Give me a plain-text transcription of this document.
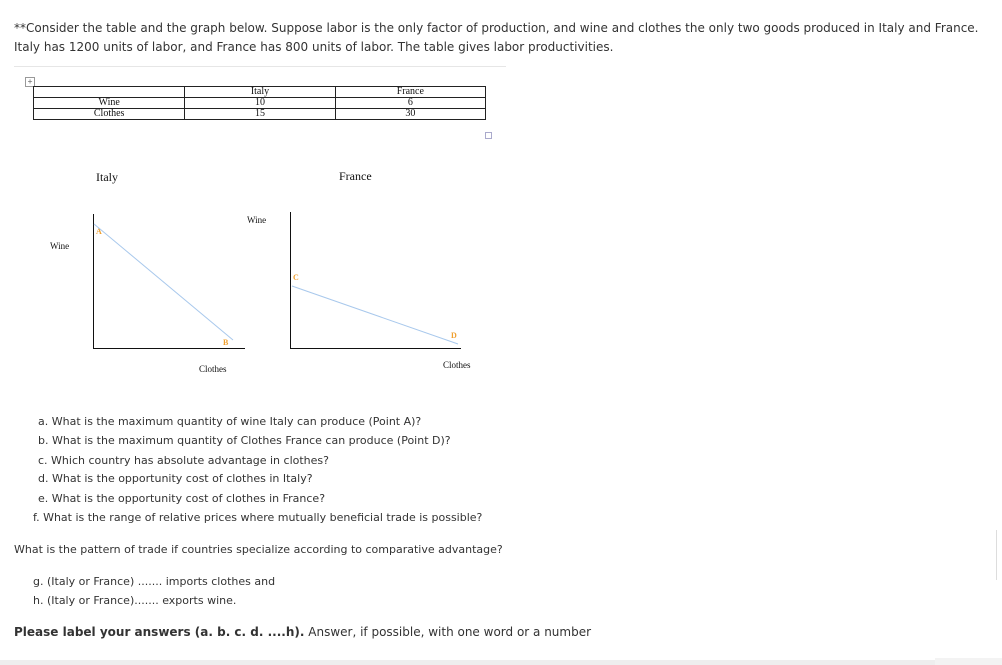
**Consider the table and the graph below. Suppose labor is the only factor of production, and wine and clothes the only two goods produced in Italy and France. Italy has 1200 units of labor, and France has 800 units of labor. The table gives labor productivities.
+
	Italy	France
Wine	10	6
Clothes	15	30
Italy
Wine
Clothes
A
B
France
Wine
Clothes
C
D
a. What is the maximum quantity of wine Italy can produce (Point A)?
b. What is the maximum quantity of Clothes France can produce (Point D)?
c. Which country has absolute advantage in clothes?
d. What is the opportunity cost of clothes in Italy?
e. What is the opportunity cost of clothes in France?
f. What is the range of relative prices where mutually beneficial trade is possible?
What is the pattern of trade if countries specialize according to comparative advantage?
g. (Italy or France) ....... imports clothes and
h. (Italy or France)....... exports wine.
Please label your answers (a. b. c. d. ....h). Answer, if possible, with one word or a number
